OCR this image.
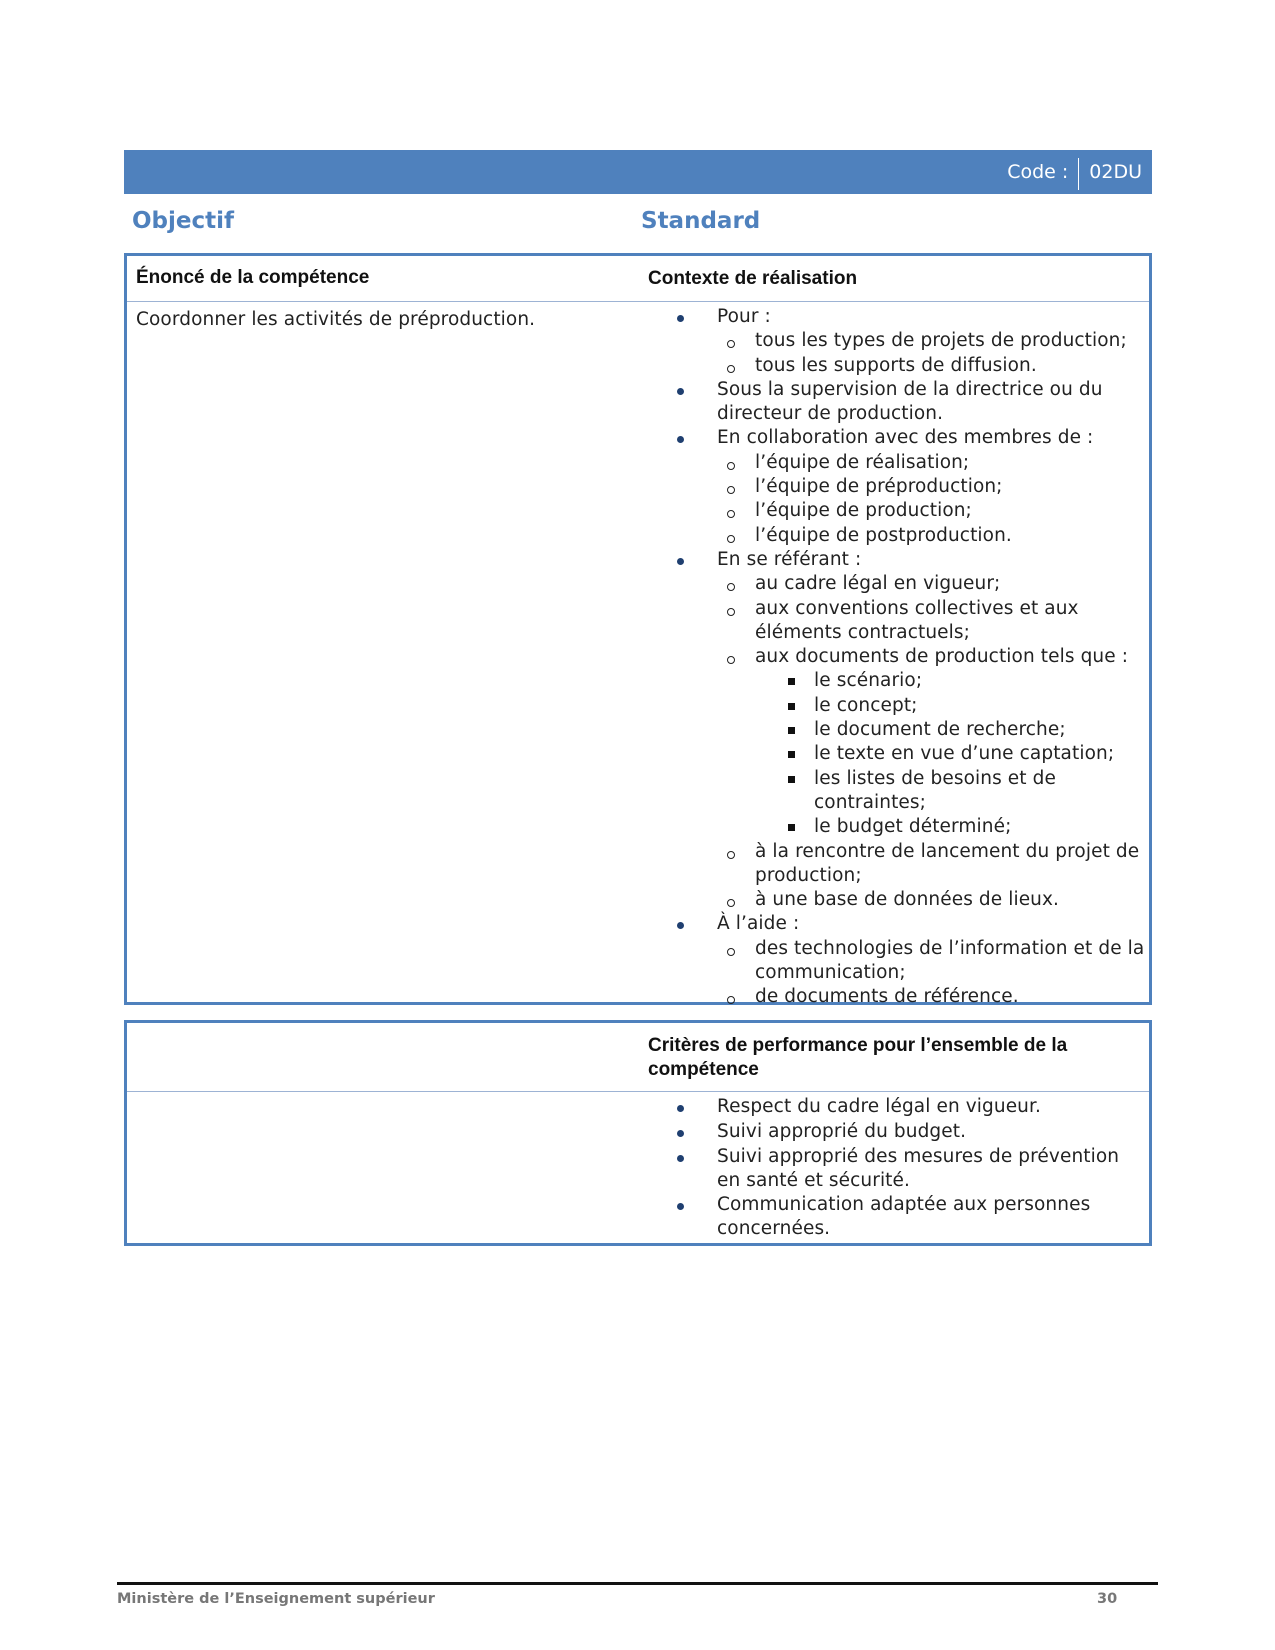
Code :	02DU
Objectif	Standard
Énoncé de la compétence	Contexte de réalisation
Coordonner les activités de préproduction.	Pour :
tous les types de projets de production;
tous les supports de diffusion.
Sous la supervision de la directrice ou du directeur de production.
En collaboration avec des membres de :
l’équipe de réalisation;
l’équipe de préproduction;
l’équipe de production;
l’équipe de postproduction.
En se référant :
au cadre légal en vigueur;
aux conventions collectives et aux éléments contractuels;
aux documents de production tels que :
le scénario;
le concept;
le document de recherche;
le texte en vue d’une captation;
les listes de besoins et de contraintes;
le budget déterminé;
à la rencontre de lancement du projet de production;
à une base de données de lieux.
À l’aide :
des technologies de l’information et de la communication;
de documents de référence.
Critères de performance pour l’ensemble de la compétence
Respect du cadre légal en vigueur.
Suivi approprié du budget.
Suivi approprié des mesures de prévention en santé et sécurité.
Communication adaptée aux personnes concernées.
Ministère de l’Enseignement supérieur	30
